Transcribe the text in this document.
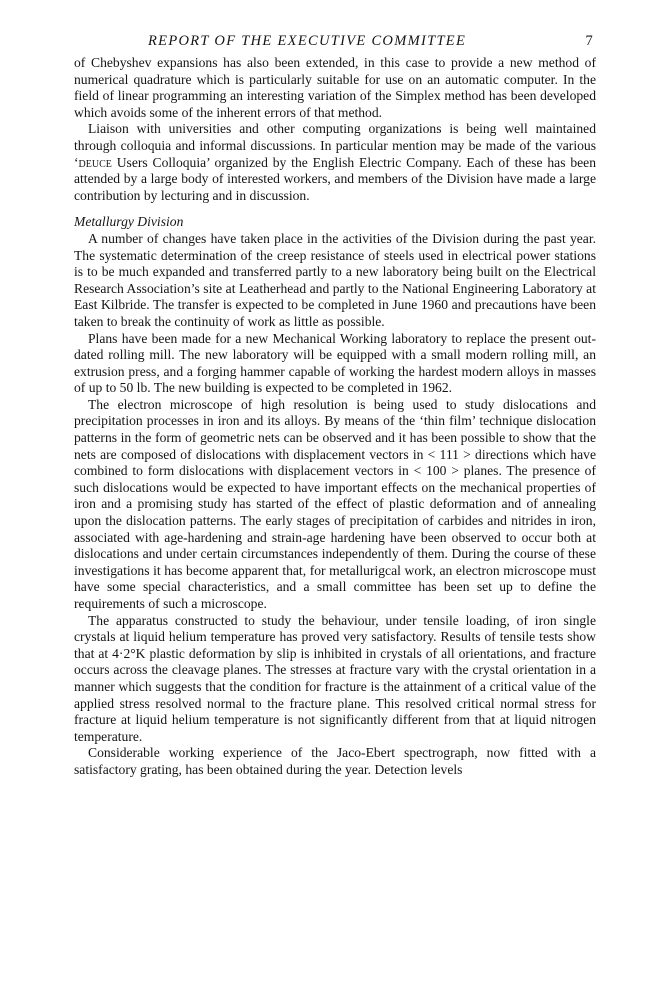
REPORT OF THE EXECUTIVE COMMITTEE	7

of Chebyshev expansions has also been extended, in this case to provide a new method of numerical quadrature which is particularly suitable for use on an automatic computer. In the field of linear programming an interesting variation of the Simplex method has been developed which avoids some of the inherent errors of that method.

Liaison with universities and other computing organizations is being well maintained through colloquia and informal discussions. In particular mention may be made of the various ‘deuce Users Colloquia’ organized by the English Electric Company. Each of these has been attended by a large body of interested workers, and members of the Division have made a large contribution by lecturing and in discussion.

Metallurgy Division

A number of changes have taken place in the activities of the Division during the past year. The systematic determination of the creep resistance of steels used in electrical power stations is to be much expanded and transferred partly to a new laboratory being built on the Electrical Research Association’s site at Leatherhead and partly to the National Engineering Laboratory at East Kilbride. The transfer is expected to be completed in June 1960 and precautions have been taken to break the continuity of work as little as possible.

Plans have been made for a new Mechanical Working laboratory to replace the present out-dated rolling mill. The new laboratory will be equipped with a small modern rolling mill, an extrusion press, and a forging hammer capable of working the hardest modern alloys in masses of up to 50 lb. The new building is expected to be completed in 1962.

The electron microscope of high resolution is being used to study dislocations and precipitation processes in iron and its alloys. By means of the ‘thin film’ technique dislocation patterns in the form of geometric nets can be observed and it has been possible to show that the nets are composed of dislocations with displacement vectors in < 111 > directions which have combined to form dislocations with displacement vectors in < 100 > planes. The presence of such dislocations would be expected to have important effects on the mechanical properties of iron and a promising study has started of the effect of plastic deformation and of annealing upon the dislocation patterns. The early stages of precipitation of carbides and nitrides in iron, associated with age-hardening and strain-age hardening have been observed to occur both at dislocations and under certain circumstances independently of them. During the course of these investigations it has become apparent that, for metallurigcal work, an electron microscope must have some special characteristics, and a small committee has been set up to define the requirements of such a microscope.

The apparatus constructed to study the behaviour, under tensile loading, of iron single crystals at liquid helium temperature has proved very satisfactory. Results of tensile tests show that at 4·2°K plastic deformation by slip is inhibited in crystals of all orientations, and fracture occurs across the cleavage planes. The stresses at fracture vary with the crystal orientation in a manner which suggests that the condition for fracture is the attainment of a critical value of the applied stress resolved normal to the fracture plane. This resolved critical normal stress for fracture at liquid helium temperature is not significantly different from that at liquid nitrogen temperature.

Considerable working experience of the Jaco-Ebert spectrograph, now fitted with a satisfactory grating, has been obtained during the year. Detection levels
